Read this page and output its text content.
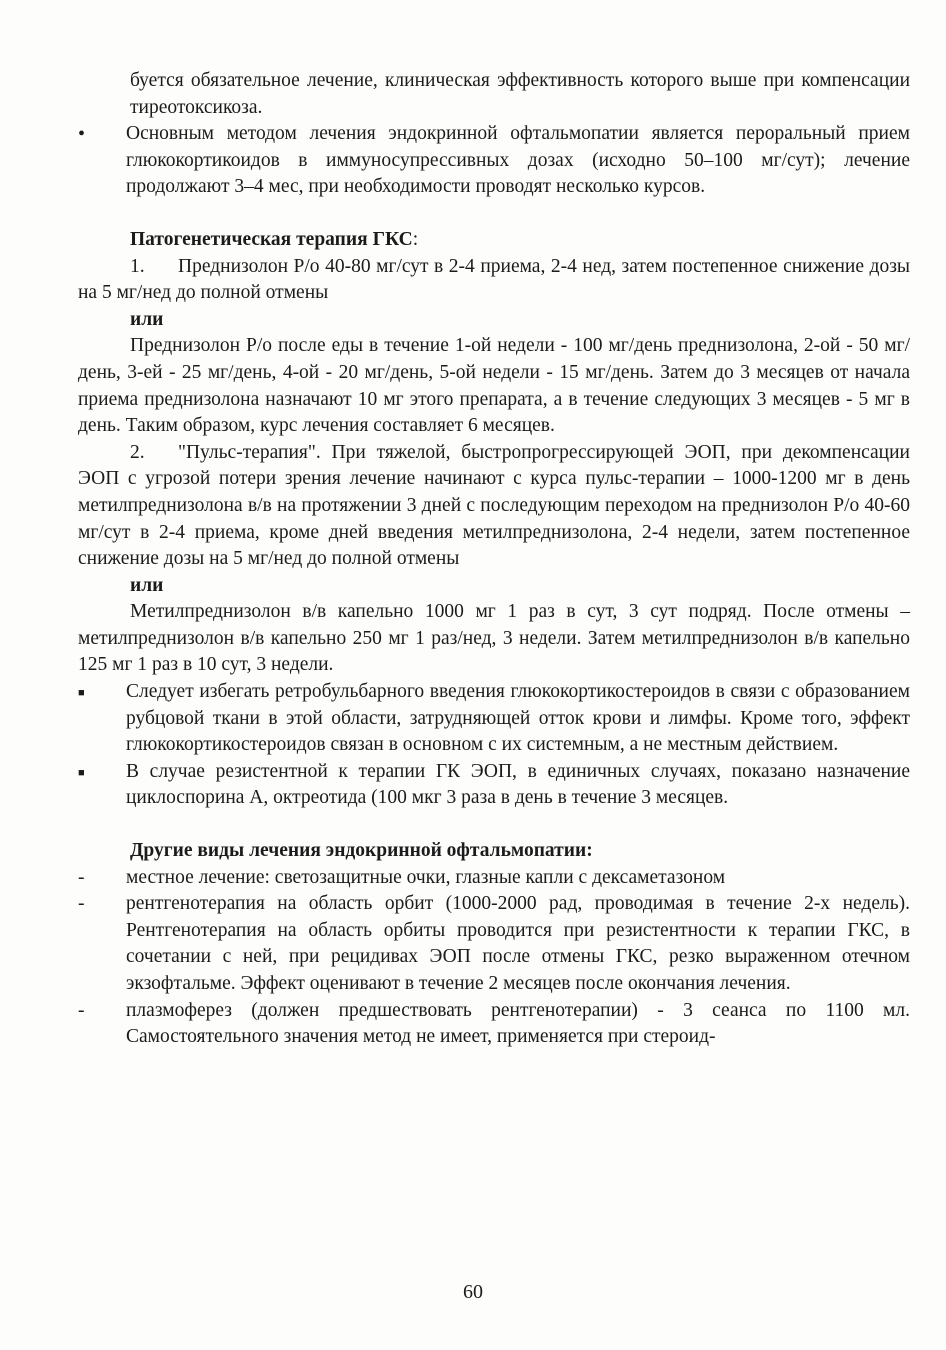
буется обязательное лечение, клиническая эффективность которого выше при компенсации тиреотоксикоза.

•	Основным методом лечения эндокринной офтальмопатии является пероральный прием глюкокортикоидов в иммуносупрессивных дозах (исходно 50–100 мг/сут); лечение продолжают 3–4 мес, при необходимости проводят несколько курсов.

Патогенетическая терапия ГКС:

1. Преднизолон Р/о 40-80 мг/сут в 2-4 приема, 2-4 нед, затем постепенное снижение дозы на 5 мг/нед до полной отмены

или

Преднизолон Р/о после еды в течение 1-ой недели - 100 мг/день преднизолона, 2-ой - 50 мг/день, 3-ей - 25 мг/день, 4-ой - 20 мг/день, 5-ой недели - 15 мг/день. Затем до 3 месяцев от начала приема преднизолона назначают 10 мг этого препарата, а в течение следующих 3 месяцев - 5 мг в день. Таким образом, курс лечения составляет 6 месяцев.

2. "Пульс-терапия". При тяжелой, быстропрогрессирующей ЭОП, при декомпенсации ЭОП с угрозой потери зрения лечение начинают с курса пульс-терапии – 1000-1200 мг в день метилпреднизолона в/в на протяжении 3 дней с последующим переходом на преднизолон Р/о 40-60 мг/сут в 2-4 приема, кроме дней введения метилпреднизолона, 2-4 недели, затем постепенное снижение дозы на 5 мг/нед до полной отмены

или

Метилпреднизолон в/в капельно 1000 мг 1 раз в сут, 3 сут подряд. После отмены – метилпреднизолон в/в капельно 250 мг 1 раз/нед, 3 недели. Затем метилпреднизолон в/в капельно 125 мг 1 раз в 10 сут, 3 недели.

■	Следует избегать ретробульбарного введения глюкокортикостероидов в связи с образованием рубцовой ткани в этой области, затрудняющей отток крови и лимфы. Кроме того, эффект глюкокортикостероидов связан в основном с их системным, а не местным действием.

■	В случае резистентной к терапии ГК ЭОП, в единичных случаях, показано назначение циклоспорина А, октреотида (100 мкг 3 раза в день в течение 3 месяцев.

Другие виды лечения эндокринной офтальмопатии:

-	местное лечение: светозащитные очки, глазные капли с дексаметазоном

-	рентгенотерапия на область орбит (1000-2000 рад, проводимая в течение 2-х недель). Рентгенотерапия на область орбиты проводится при резистентности к терапии ГКС, в сочетании с ней, при рецидивах ЭОП после отмены ГКС, резко выраженном отечном экзофтальме. Эффект оценивают в течение 2 месяцев после окончания лечения.

-	плазмоферез (должен предшествовать рентгенотерапии) - 3 сеанса по 1100 мл. Самостоятельного значения метод не имеет, применяется при стероид-

60
